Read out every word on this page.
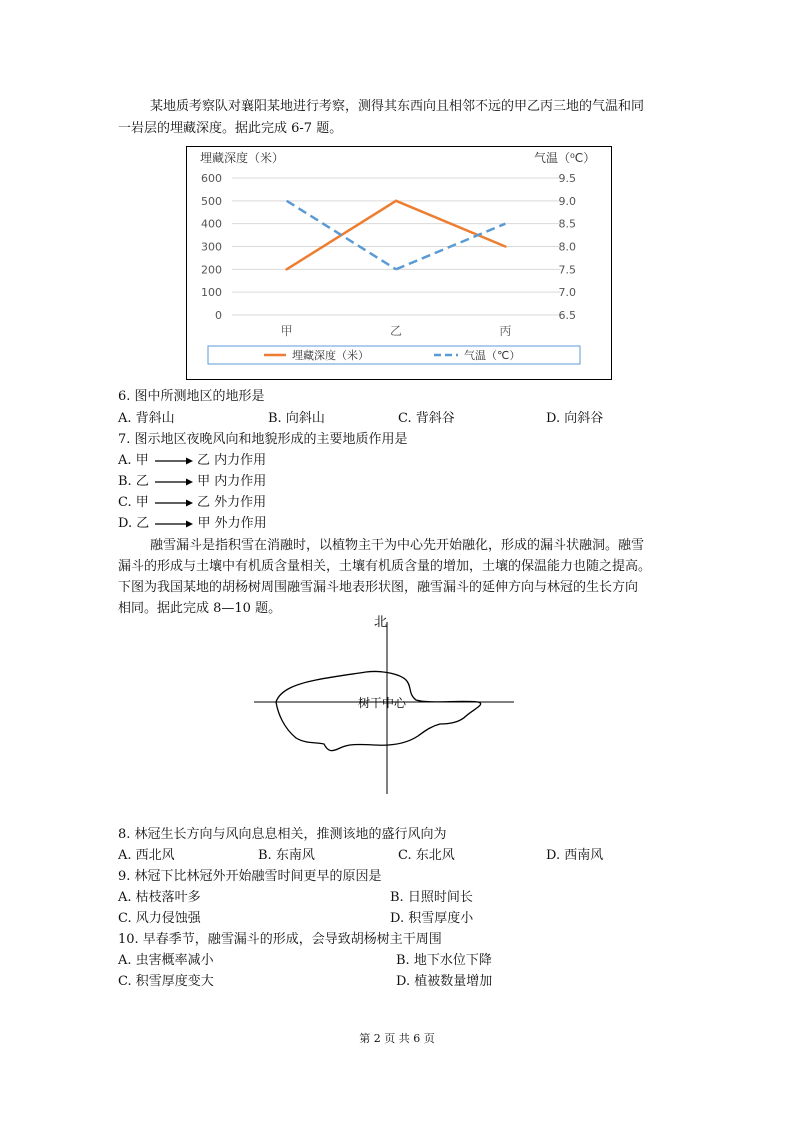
某地质考察队对襄阳某地进行考察，测得其东西向且相邻不远的甲乙丙三地的气温和同
一岩层的埋藏深度。据此完成 6-7 题。
埋藏深度（米）	气温（⁰C）
0
100
200
300
400
500
600
6.5
7.0
7.5
8.0
8.5
9.0
9.5
甲	乙	丙
埋藏深度（米）	气温（℃）
6. 图中所测地区的地形是
A. 背斜山	B. 向斜山	C. 背斜谷	D. 向斜谷
7. 图示地区夜晚风向和地貌形成的主要地质作用是
A. 甲	乙 内力作用
B. 乙	甲 内力作用
C. 甲	乙 外力作用
D. 乙	甲 外力作用
融雪漏斗是指积雪在消融时，以植物主干为中心先开始融化，形成的漏斗状融洞。融雪
漏斗的形成与土壤中有机质含量相关，土壤有机质含量的增加，土壤的保温能力也随之提高。
下图为我国某地的胡杨树周围融雪漏斗地表形状图，融雪漏斗的延伸方向与林冠的生长方向
相同。据此完成 8—10 题。
北
树干中心
8. 林冠生长方向与风向息息相关，推测该地的盛行风向为
A. 西北风	B. 东南风	C. 东北风	D. 西南风
9. 林冠下比林冠外开始融雪时间更早的原因是
A. 枯枝落叶多	B. 日照时间长
C. 风力侵蚀强	D. 积雪厚度小
10. 早春季节，融雪漏斗的形成，会导致胡杨树主干周围
A. 虫害概率减小	B. 地下水位下降
C. 积雪厚度变大	D. 植被数量增加
第 2 页 共 6 页
